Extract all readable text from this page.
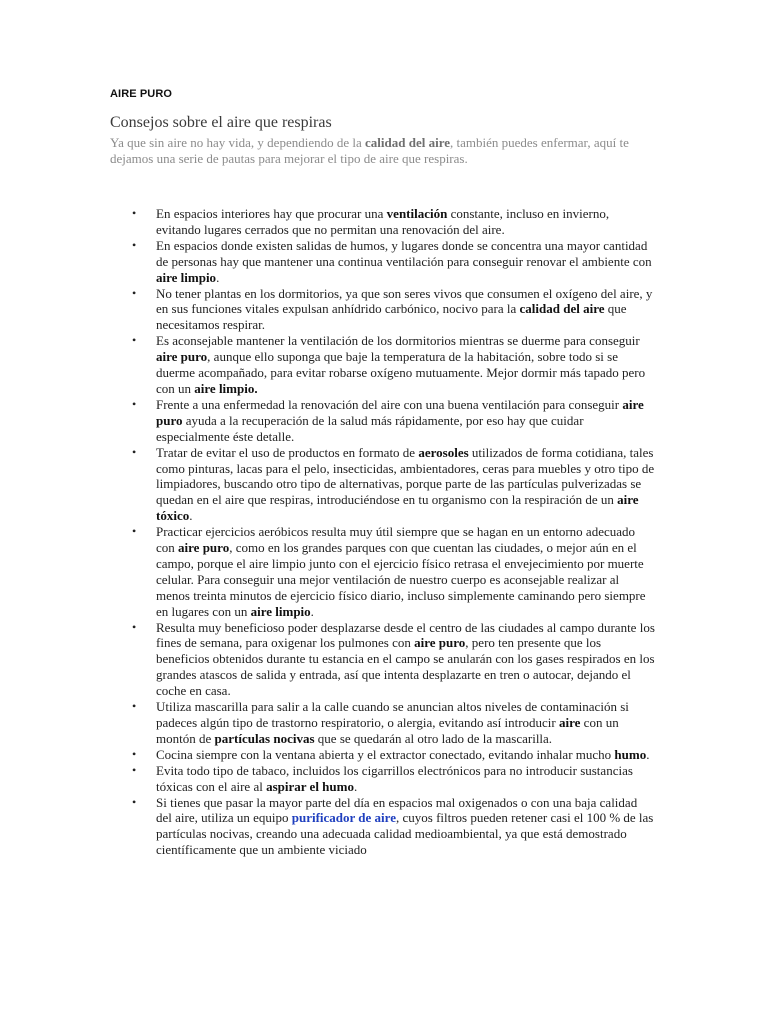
AIRE PURO
Consejos sobre el aire que respiras
Ya que sin aire no hay vida, y dependiendo de la calidad del aire, también puedes enfermar, aquí te dejamos una serie de pautas para mejorar el tipo de aire que respiras.
• En espacios interiores hay que procurar una ventilación constante, incluso en invierno, evitando lugares cerrados que no permitan una renovación del aire.
• En espacios donde existen salidas de humos, y lugares donde se concentra una mayor cantidad de personas hay que mantener una continua ventilación para conseguir renovar el ambiente con aire limpio.
• No tener plantas en los dormitorios, ya que son seres vivos que consumen el oxígeno del aire, y en sus funciones vitales expulsan anhídrido carbónico, nocivo para la calidad del aire que necesitamos respirar.
• Es aconsejable mantener la ventilación de los dormitorios mientras se duerme para conseguir aire puro, aunque ello suponga que baje la temperatura de la habitación, sobre todo si se duerme acompañado, para evitar robarse oxígeno mutuamente. Mejor dormir más tapado pero con un aire limpio.
• Frente a una enfermedad la renovación del aire con una buena ventilación para conseguir aire puro ayuda a la recuperación de la salud más rápidamente, por eso hay que cuidar especialmente éste detalle.
• Tratar de evitar el uso de productos en formato de aerosoles utilizados de forma cotidiana, tales como pinturas, lacas para el pelo, insecticidas, ambientadores, ceras para muebles y otro tipo de limpiadores, buscando otro tipo de alternativas, porque parte de las partículas pulverizadas se quedan en el aire que respiras, introduciéndose en tu organismo con la respiración de un aire tóxico.
• Practicar ejercicios aeróbicos resulta muy útil siempre que se hagan en un entorno adecuado con aire puro, como en los grandes parques con que cuentan las ciudades, o mejor aún en el campo, porque el aire limpio junto con el ejercicio físico retrasa el envejecimiento por muerte celular. Para conseguir una mejor ventilación de nuestro cuerpo es aconsejable realizar al menos treinta minutos de ejercicio físico diario, incluso simplemente caminando pero siempre en lugares con un aire limpio.
• Resulta muy beneficioso poder desplazarse desde el centro de las ciudades al campo durante los fines de semana, para oxigenar los pulmones con aire puro, pero ten presente que los beneficios obtenidos durante tu estancia en el campo se anularán con los gases respirados en los grandes atascos de salida y entrada, así que intenta desplazarte en tren o autocar, dejando el coche en casa.
• Utiliza mascarilla para salir a la calle cuando se anuncian altos niveles de contaminación si padeces algún tipo de trastorno respiratorio, o alergia, evitando así introducir aire con un montón de partículas nocivas que se quedarán al otro lado de la mascarilla.
• Cocina siempre con la ventana abierta y el extractor conectado, evitando inhalar mucho humo.
• Evita todo tipo de tabaco, incluidos los cigarrillos electrónicos para no introducir sustancias tóxicas con el aire al aspirar el humo.
• Si tienes que pasar la mayor parte del día en espacios mal oxigenados o con una baja calidad del aire, utiliza un equipo purificador de aire, cuyos filtros pueden retener casi el 100 % de las partículas nocivas, creando una adecuada calidad medioambiental, ya que está demostrado científicamente que un ambiente viciado
